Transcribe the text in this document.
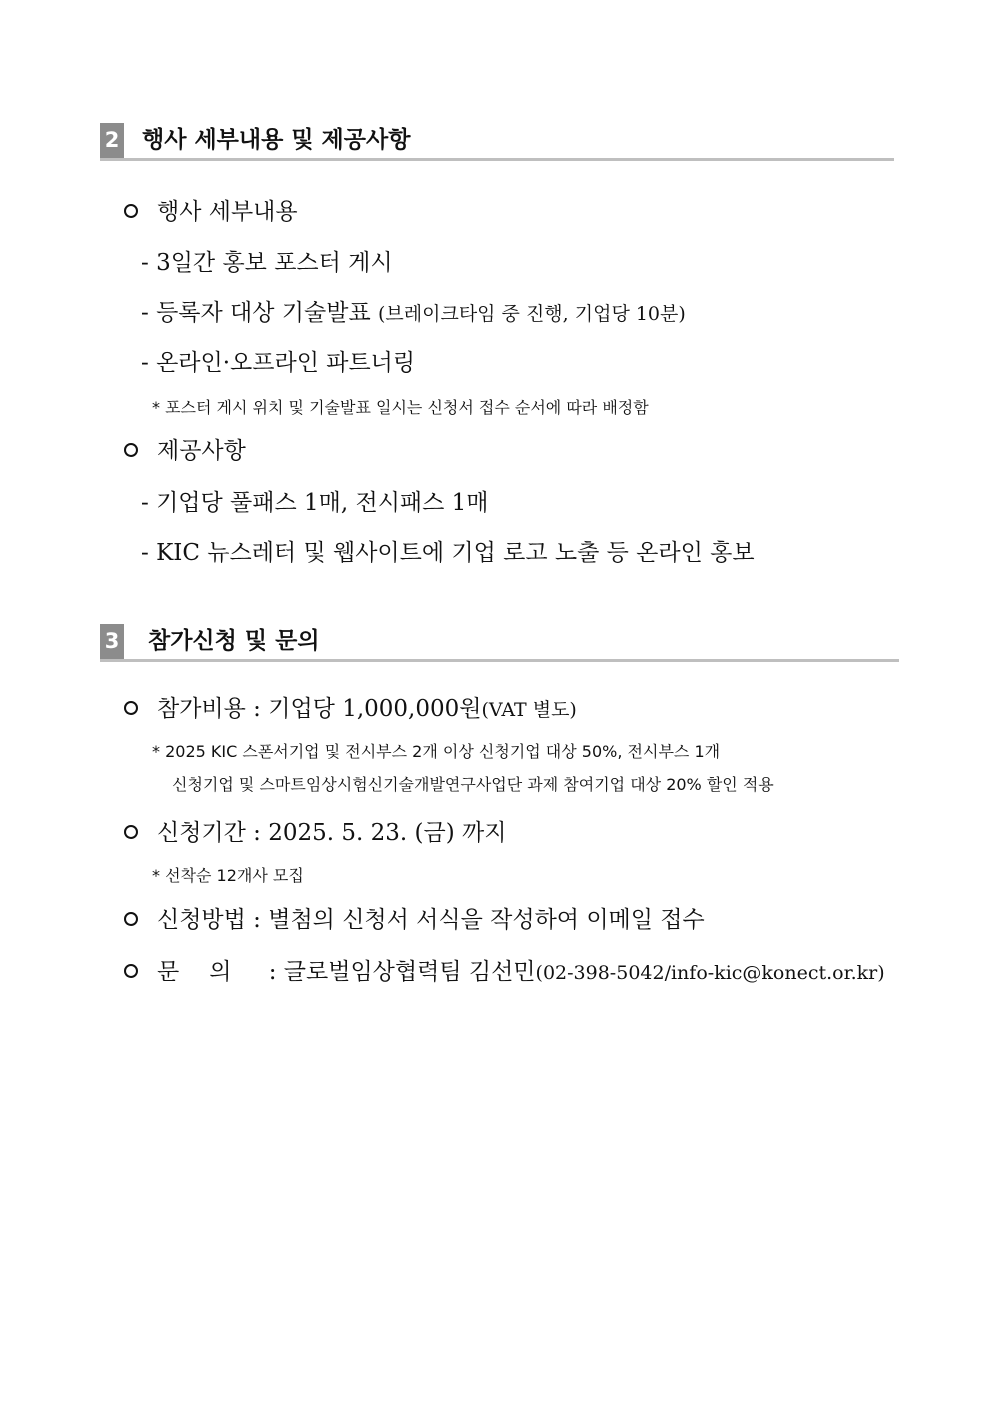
2 행사 세부내용 및 제공사항
행사 세부내용
- 3일간 홍보 포스터 게시
- 등록자 대상 기술발표 (브레이크타임 중 진행, 기업당 10분)
- 온라인·오프라인 파트너링
* 포스터 게시 위치 및 기술발표 일시는 신청서 접수 순서에 따라 배정함
제공사항
- 기업당 풀패스 1매, 전시패스 1매
- KIC 뉴스레터 및 웹사이트에 기업 로고 노출 등 온라인 홍보
3 참가신청 및 문의
참가비용 : 기업당 1,000,000원(VAT 별도)
* 2025 KIC 스폰서기업 및 전시부스 2개 이상 신청기업 대상 50%, 전시부스 1개
신청기업 및 스마트임상시험신기술개발연구사업단 과제 참여기업 대상 20% 할인 적용
신청기간 : 2025. 5. 23. (금) 까지
* 선착순 12개사 모집
신청방법 : 별첨의 신청서 서식을 작성하여 이메일 접수
문의 : 글로벌임상협력팀 김선민(02-398-5042/info-kic@konect.or.kr)
